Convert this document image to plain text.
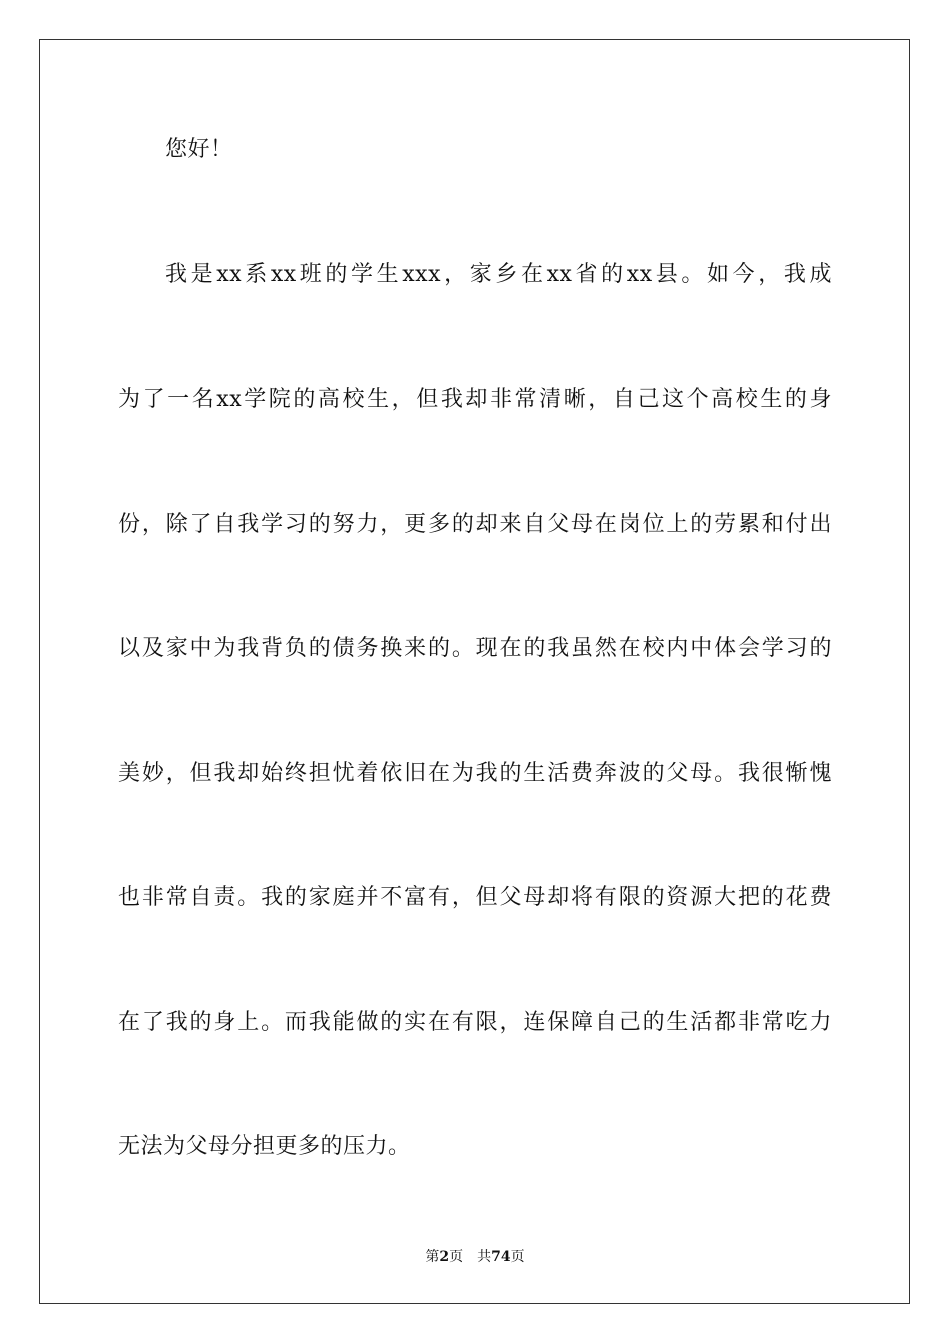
您好！
我是xx系xx班的学生xxx，家乡在xx省的xx县。如今，我成
为了一名xx学院的高校生，但我却非常清晰，自己这个高校生的身
份，除了自我学习的努力，更多的却来自父母在岗位上的劳累和付出
以及家中为我背负的债务换来的。现在的我虽然在校内中体会学习的
美妙，但我却始终担忧着依旧在为我的生活费奔波的父母。我很惭愧
也非常自责。我的家庭并不富有，但父母却将有限的资源大把的花费
在了我的身上。而我能做的实在有限，连保障自己的生活都非常吃力
无法为父母分担更多的压力。
第2页 共74页
